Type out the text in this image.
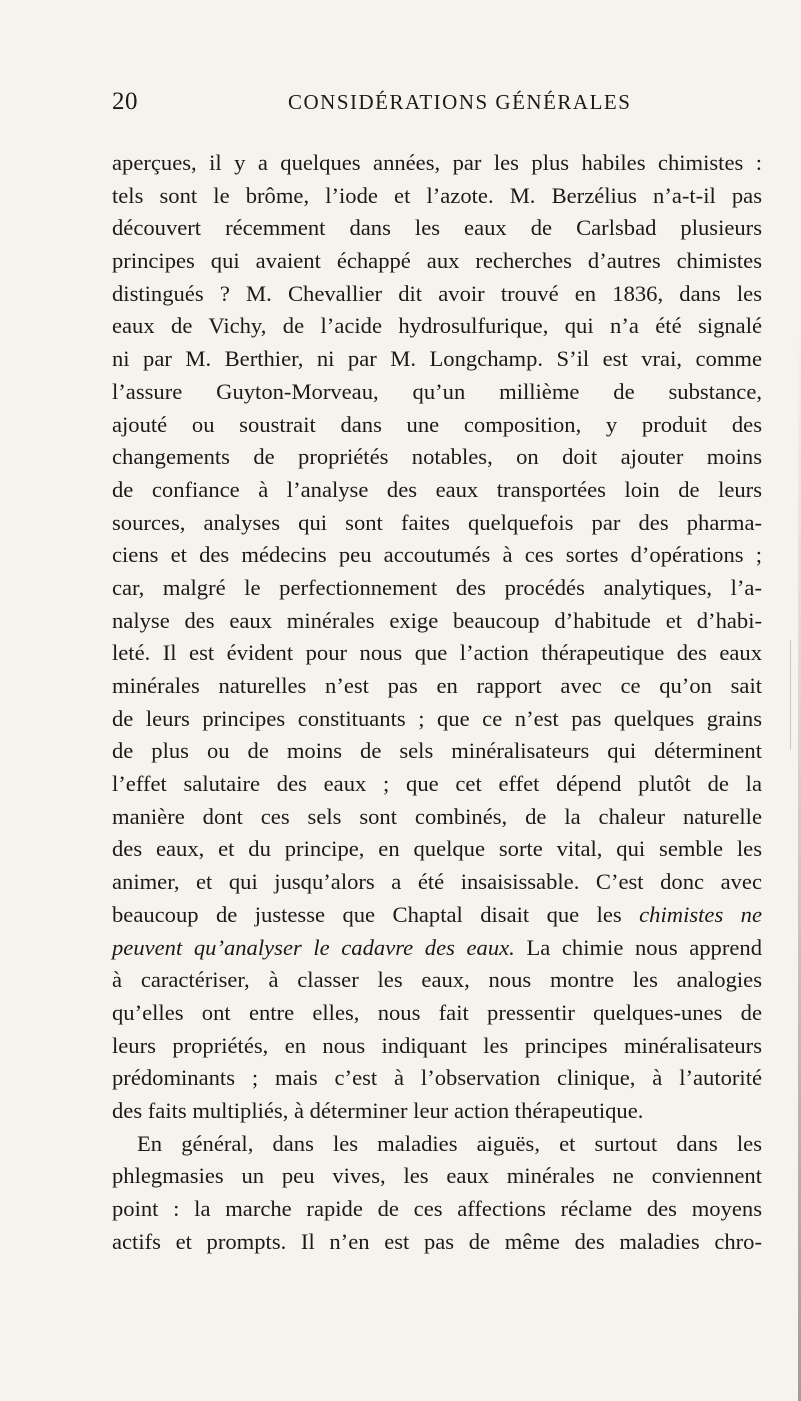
20	CONSIDÉRATIONS GÉNÉRALES
aperçues, il y a quelques années, par les plus habiles chimistes :
tels sont le brôme, l’iode et l’azote. M. Berzélius n’a-t-il pas
découvert récemment dans les eaux de Carlsbad plusieurs
principes qui avaient échappé aux recherches d’autres chimistes
distingués ? M. Chevallier dit avoir trouvé en 1836, dans les
eaux de Vichy, de l’acide hydrosulfurique, qui n’a été signalé
ni par M. Berthier, ni par M. Longchamp. S’il est vrai, comme
l’assure Guyton-Morveau, qu’un millième de substance,
ajouté ou soustrait dans une composition, y produit des
changements de propriétés notables, on doit ajouter moins
de confiance à l’analyse des eaux transportées loin de leurs
sources, analyses qui sont faites quelquefois par des pharma-
ciens et des médecins peu accoutumés à ces sortes d’opérations ;
car, malgré le perfectionnement des procédés analytiques, l’a-
nalyse des eaux minérales exige beaucoup d’habitude et d’habi-
leté. Il est évident pour nous que l’action thérapeutique des eaux
minérales naturelles n’est pas en rapport avec ce qu’on sait
de leurs principes constituants ; que ce n’est pas quelques grains
de plus ou de moins de sels minéralisateurs qui déterminent
l’effet salutaire des eaux ; que cet effet dépend plutôt de la
manière dont ces sels sont combinés, de la chaleur naturelle
des eaux, et du principe, en quelque sorte vital, qui semble les
animer, et qui jusqu’alors a été insaisissable. C’est donc avec
beaucoup de justesse que Chaptal disait que les chimistes ne
peuvent qu’analyser le cadavre des eaux. La chimie nous apprend
à caractériser, à classer les eaux, nous montre les analogies
qu’elles ont entre elles, nous fait pressentir quelques-unes de
leurs propriétés, en nous indiquant les principes minéralisateurs
prédominants ; mais c’est à l’observation clinique, à l’autorité
des faits multipliés, à déterminer leur action thérapeutique.
En général, dans les maladies aiguës, et surtout dans les
phlegmasies un peu vives, les eaux minérales ne conviennent
point : la marche rapide de ces affections réclame des moyens
actifs et prompts. Il n’en est pas de même des maladies chro-
